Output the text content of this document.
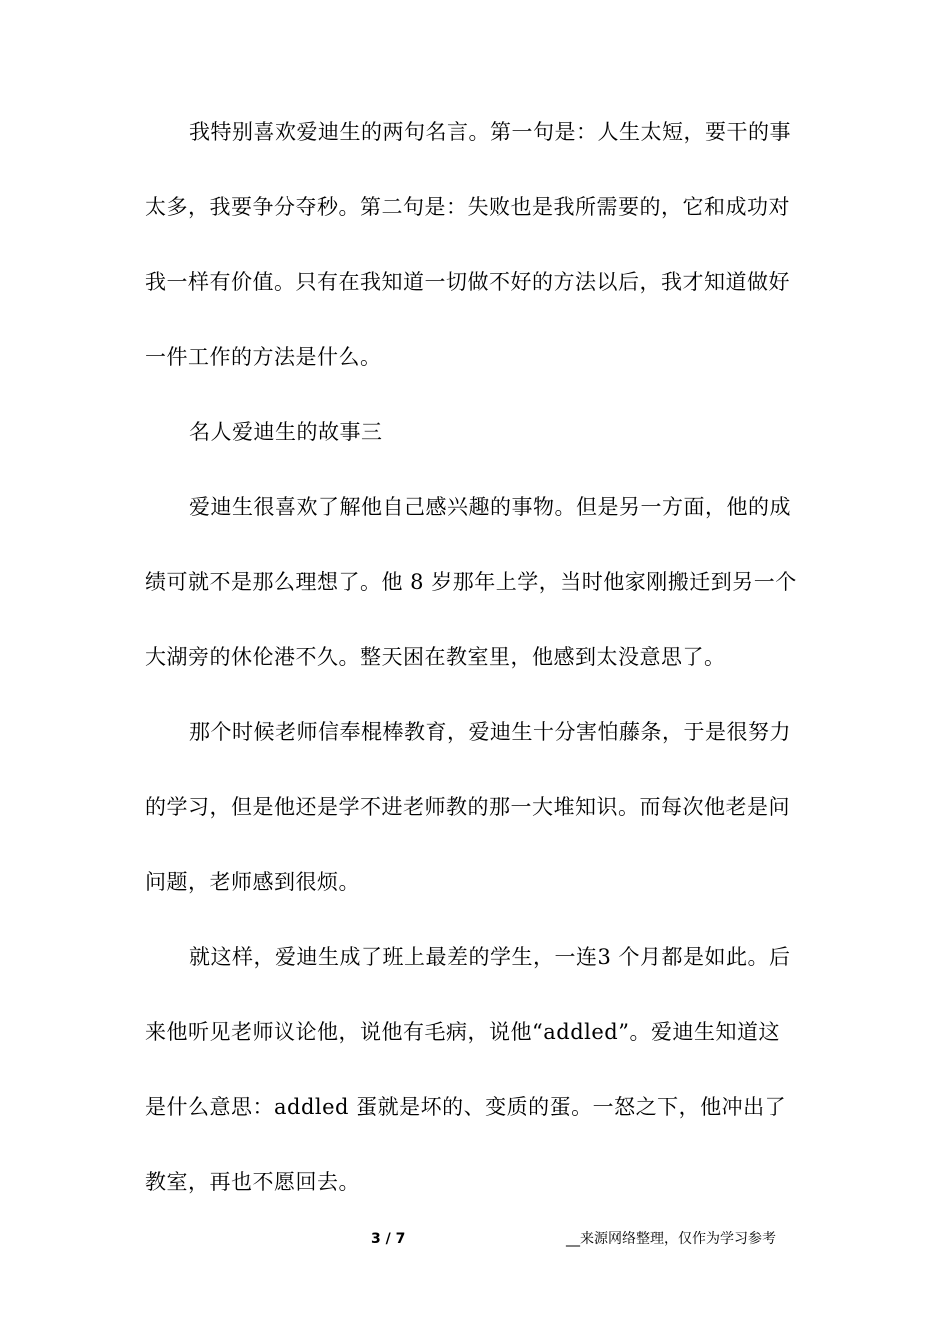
我特别喜欢爱迪生的两句名言。第一句是：人生太短，要干的事
太多，我要争分夺秒。第二句是：失败也是我所需要的，它和成功对
我一样有价值。只有在我知道一切做不好的方法以后，我才知道做好
一件工作的方法是什么。
名人爱迪生的故事三
爱迪生很喜欢了解他自己感兴趣的事物。但是另一方面，他的成
绩可就不是那么理想了。他 8 岁那年上学，当时他家刚搬迁到另一个
大湖旁的休伦港不久。整天困在教室里，他感到太没意思了。
那个时候老师信奉棍棒教育，爱迪生十分害怕藤条，于是很努力
的学习，但是他还是学不进老师教的那一大堆知识。而每次他老是问
问题，老师感到很烦。
就这样，爱迪生成了班上最差的学生，一连3 个月都是如此。后
来他听见老师议论他，说他有毛病，说他“addled”。爱迪生知道这
是什么意思：addled 蛋就是坏的、变质的蛋。一怒之下，他冲出了
教室，再也不愿回去。
3 / 7	__来源网络整理，仅作为学习参考
